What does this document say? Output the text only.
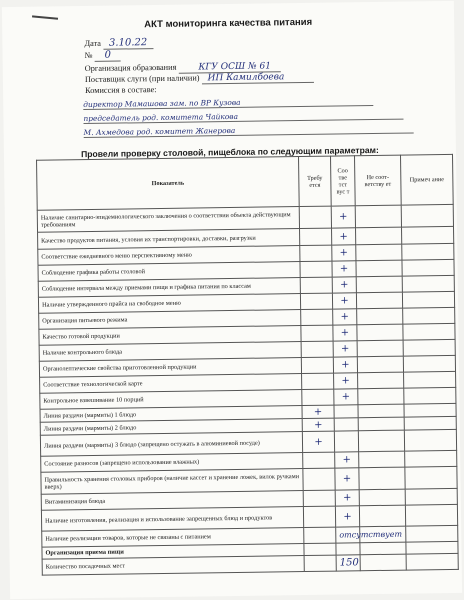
АКТ мониторинга качества питания
Дата 3.10.22
№ 0
Организация образования КГУ ОСШ № 61
Поставщик слуги (при наличии) ИП Камилбоева
Комиссия в составе:
директор Мамашова зам. по ВР Кузова
председатель род. комитета Чайкова
М. Ахмедова род. комитет Жанерова
Провели проверку столовой, пищеблока по следующим параметрам:
Показатель	Требу ется	Соо тве тст вус т	Не соот- ветству ет	Примеч ание
Наличие санитарно-эпидемиологического заключения о соответствии объекта действующим требованиям		+		
Качество продуктов питания, условия их транспортировки, доставки, разгрузки		+		
Соответствие ежедневного меню перспективному меню		+		
Соблюдение графика работы столовой		+		
Соблюдение интервала между приемами пищи и графика питания по классам		+		
Наличие утвержденного прайса на свободное меню		+		
Организация питьевого режима		+		
Качество готовой продукции		+		
Наличие контрольного блюда		+		
Органолептические свойства приготовленной продукции		+		
Соответствие технологической карте		+		
Контрольное взвешивание 10 порций		+		
Линия раздачи (мармиты) 1 блюдо	+			
Линия раздачи (мармиты) 2 блюдо	+			
Линия раздачи (мармиты) 3 блюдо (запрещено остужать в алюминиевой посуде)	+			
Состояние разносов (запрещено использование влажных)		+		
Правильность хранения столовых приборов (наличие кассет и хранение ложек, вилок ручками вверх)		+		
Витаминизация блюда		+		
Наличие изготовления, реализация и использование запрещенных блюд и продуктов		+		
Наличие реализации товаров, которые не связаны с питанием		отсутствует		
Организация приема пищи				
Количество посадочных мест		150		
